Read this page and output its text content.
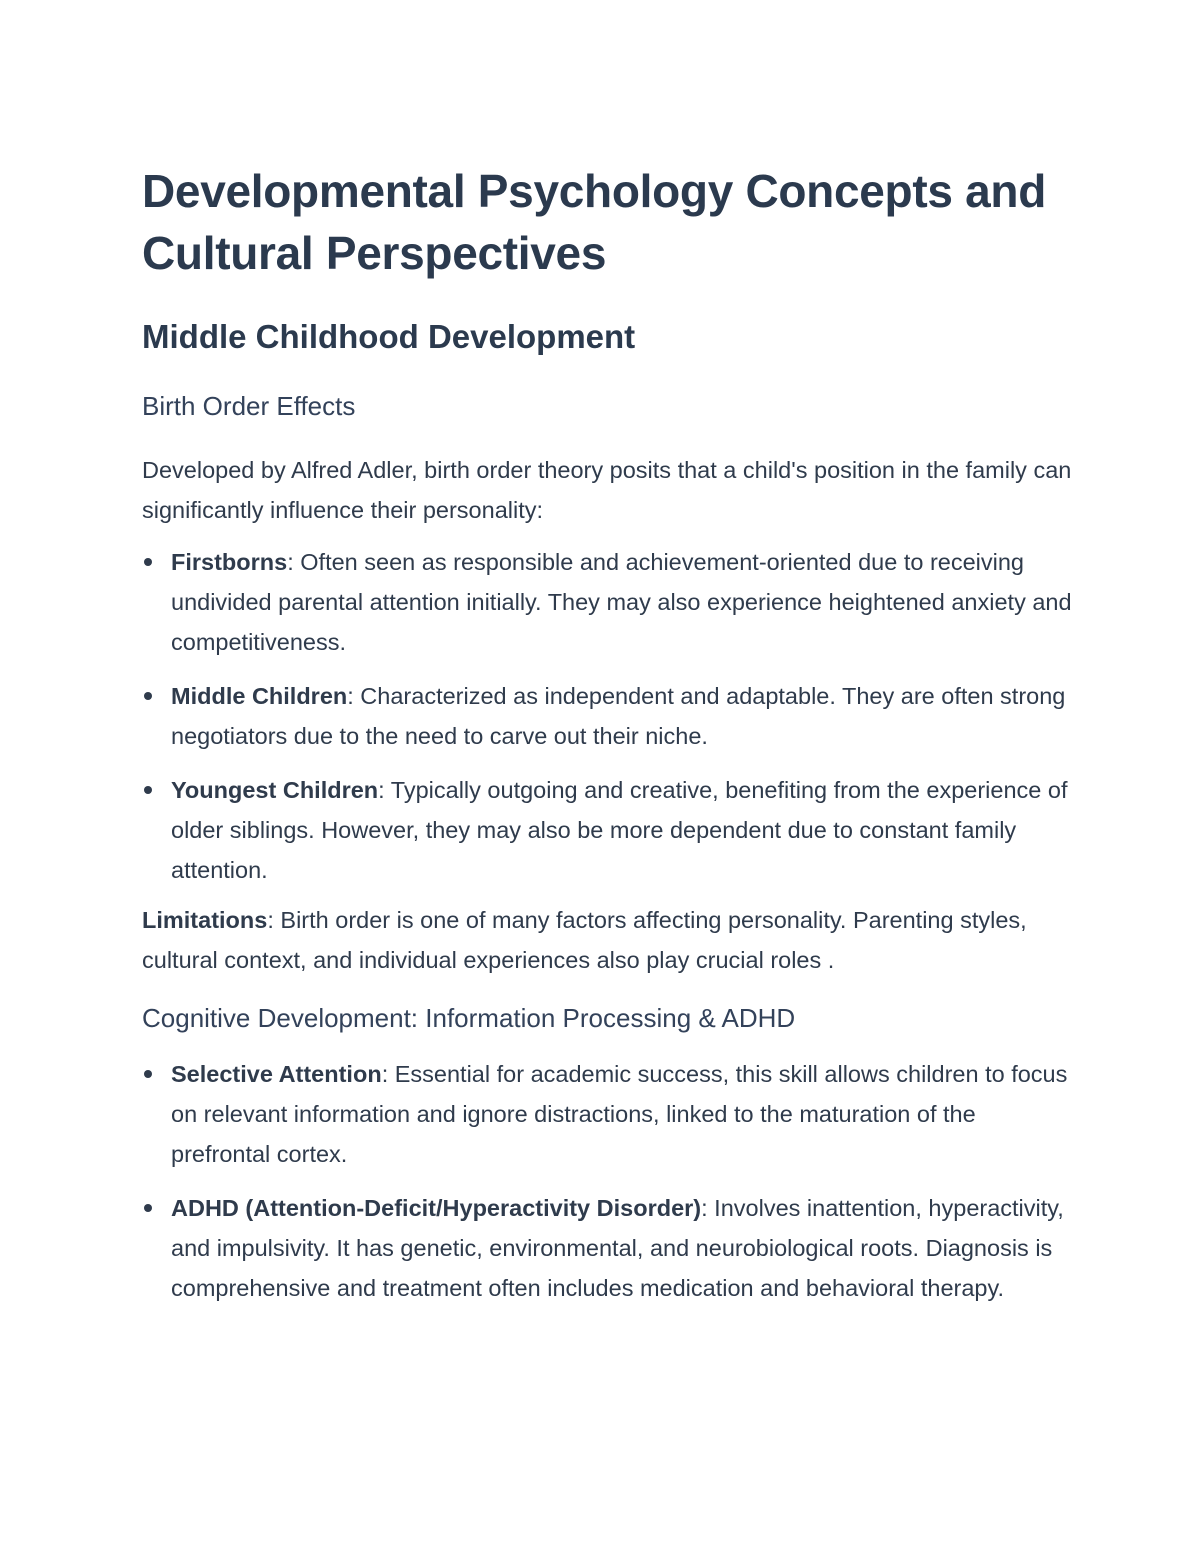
Developmental Psychology Concepts and Cultural Perspectives
Middle Childhood Development
Birth Order Effects

Developed by Alfred Adler, birth order theory posits that a child's position in the family can significantly influence their personality:

Firstborns: Often seen as responsible and achievement-oriented due to receiving undivided parental attention initially. They may also experience heightened anxiety and competitiveness.
Middle Children: Characterized as independent and adaptable. They are often strong negotiators due to the need to carve out their niche.
Youngest Children: Typically outgoing and creative, benefiting from the experience of older siblings. However, they may also be more dependent due to constant family attention.

Limitations: Birth order is one of many factors affecting personality. Parenting styles, cultural context, and individual experiences also play crucial roles .

Cognitive Development: Information Processing & ADHD
Selective Attention: Essential for academic success, this skill allows children to focus on relevant information and ignore distractions, linked to the maturation of the prefrontal cortex.
ADHD (Attention-Deficit/Hyperactivity Disorder): Involves inattention, hyperactivity, and impulsivity. It has genetic, environmental, and neurobiological roots. Diagnosis is comprehensive and treatment often includes medication and behavioral therapy.
